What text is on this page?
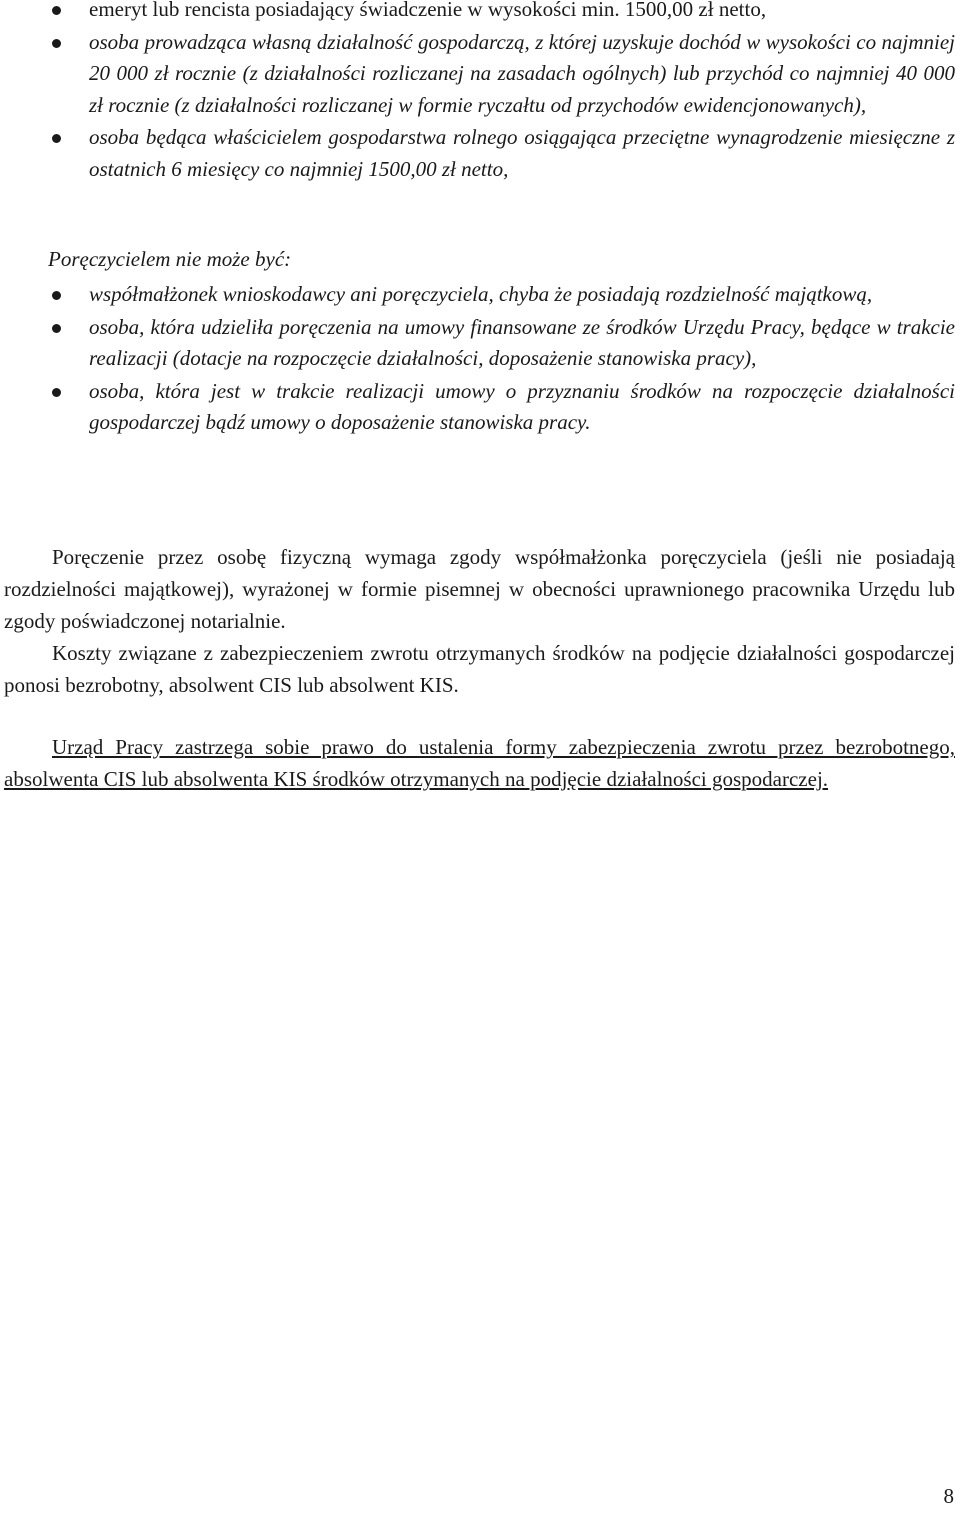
emeryt lub rencista posiadający świadczenie w wysokości min. 1500,00 zł netto,
osoba prowadząca własną działalność gospodarczą, z której uzyskuje dochód w wysokości co najmniej 20 000 zł rocznie (z działalności rozliczanej na zasadach ogólnych) lub przychód co najmniej 40 000 zł rocznie (z działalności rozliczanej w formie ryczałtu od przychodów ewidencjonowanych),
osoba będąca właścicielem gospodarstwa rolnego osiągająca przeciętne wynagrodzenie miesięczne z ostatnich 6 miesięcy co najmniej 1500,00 zł netto,
Poręczycielem nie może być:
współmałżonek wnioskodawcy ani poręczyciela, chyba że posiadają rozdzielność majątkową,
osoba, która udzieliła poręczenia na umowy finansowane ze środków Urzędu Pracy, będące w trakcie realizacji (dotacje na rozpoczęcie działalności, doposażenie stanowiska pracy),
osoba, która jest w trakcie realizacji umowy o przyznaniu środków na rozpoczęcie działalności gospodarczej bądź umowy o doposażenie stanowiska pracy.

Poręczenie przez osobę fizyczną wymaga zgody współmałżonka poręczyciela (jeśli nie posiadają rozdzielności majątkowej), wyrażonej w formie pisemnej w obecności uprawnionego pracownika Urzędu lub zgody poświadczonej notarialnie.

Koszty związane z zabezpieczeniem zwrotu otrzymanych środków na podjęcie działalności gospodarczej ponosi bezrobotny, absolwent CIS lub absolwent KIS.

Urząd Pracy zastrzega sobie prawo do ustalenia formy zabezpieczenia zwrotu przez bezrobotnego, absolwenta CIS lub absolwenta KIS środków otrzymanych na podjęcie działalności gospodarczej.

8
